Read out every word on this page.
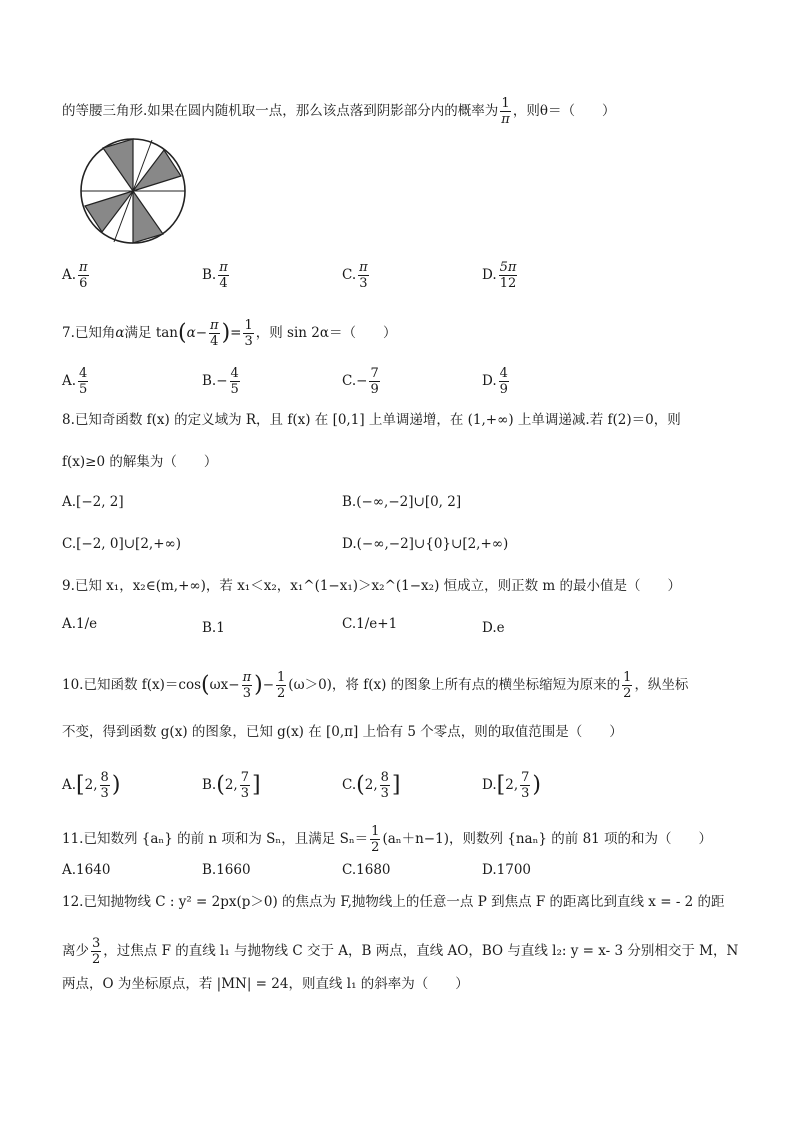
的等腰三角形.如果在圆内随机取一点，那么该点落到阴影部分内的概率为 $\frac{1}{\pi}$ ，则θ＝（　　）
A. $\frac{\pi}{6}$	B. $\frac{\pi}{4}$	C. $\frac{\pi}{3}$	D. $\frac{5\pi}{12}$
7.已知角α满足 $\tan(\alpha- \frac{\pi}{4}$ )= $\frac{1}{3}$ ，则 sin 2α＝（　　）
A. $\frac{4}{5}$	$B.- \frac{4}{5}$	$C.- \frac{7}{9}$	D. $\frac{4}{9}$
8.已知奇函数 f(x) 的定义域为 R，且 f(x) 在 [0,1] 上单调递增，在 (1,+∞) 上单调递减.若 f(2)＝0，则
f(x)≥0 的解集为（　　）
A.[−2, 2]	B.(−∞,−2]∪[0, 2]
C.[−2, 0]∪[2,+∞)	D.(−∞,−2]∪{0}∪[2,+∞)
9.已知 x₁，x₂∈(m,+∞)，若 x₁＜x₂，x₁^(1−x₁)＞x₂^(1−x₂) 恒成立，则正数 m 的最小值是（　　）
A.1/e	B.1	C.1/e+1	D.e
10.已知函数 $f(x)=\cos(\omega x- \frac{\pi}{3}$ )− $\frac{1}{2} (\omega>0)$，将 f(x) 的图象上所有点的横坐标缩短为原来的 $\frac{1}{2}$ ，纵坐标
不变，得到函数 g(x) 的图象，已知 g(x) 在 [0,π] 上恰有 5 个零点，则的取值范围是（　　）
A.[2, $\frac{8}{3}$ )	B.(2, $\frac{7}{3}$ ]	C.(2, $\frac{8}{3}$ ]	D.[2, $\frac{7}{3}$ )
11.已知数列 {aₙ} 的前 n 项和为 Sₙ，且满足 $S_n= \frac{1}{2} (a_n+n-1)$，则数列 {naₙ} 的前 81 项的和为（　　）
A.1640	B.1660	C.1680	D.1700
12.已知抛物线 C : y² = 2px(p＞0) 的焦点为 F,抛物线上的任意一点 P 到焦点 F 的距离比到直线 x = - 2 的距
离少 $\frac{3}{2}$ ，过焦点 F 的直线 l₁ 与抛物线 C 交于 A，B 两点，直线 AO，BO 与直线 l₂: y = x- 3 分别相交于 M，N
两点，O 为坐标原点，若 |MN| = 24，则直线 l₁ 的斜率为（　　）
